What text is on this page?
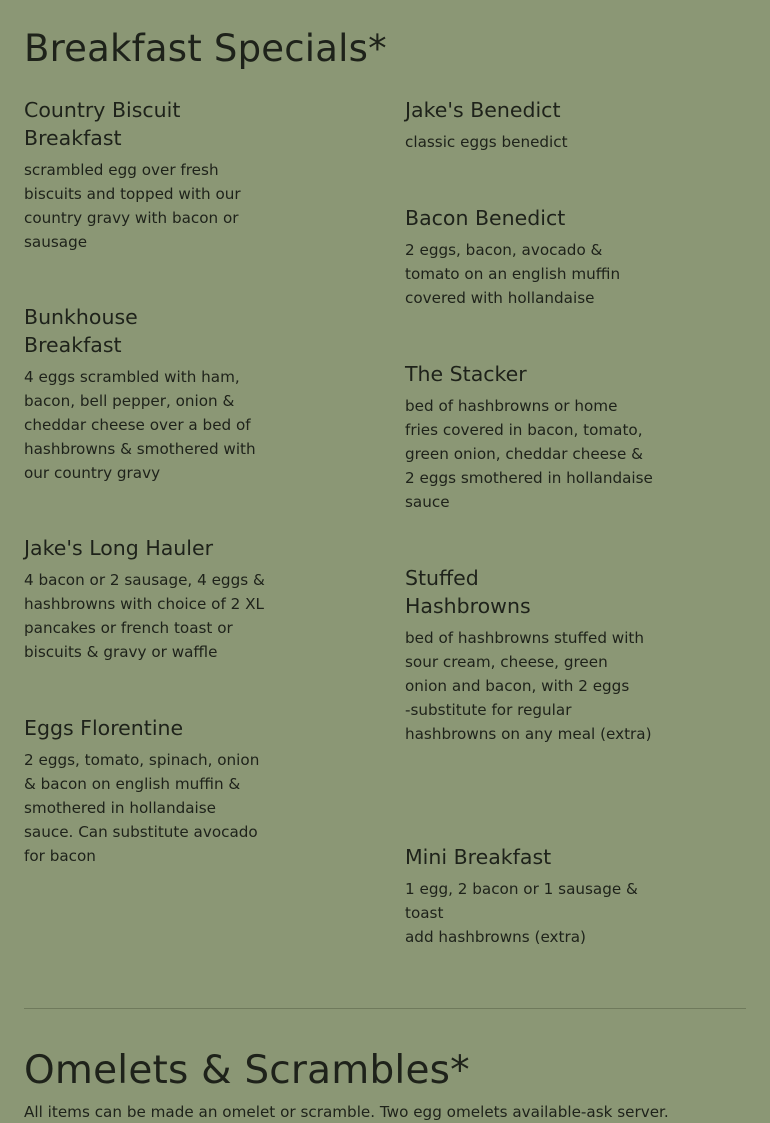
Breakfast Specials*
Country Biscuit Breakfast

scrambled egg over fresh biscuits and topped with our country gravy with bacon or sausage

Bunkhouse Breakfast

4 eggs scrambled with ham, bacon, bell pepper, onion & cheddar cheese over a bed of hashbrowns & smothered with our country gravy

Jake's Long Hauler

4 bacon or 2 sausage, 4 eggs & hashbrowns with choice of 2 XL pancakes or french toast or biscuits & gravy or waffle

Eggs Florentine

2 eggs, tomato, spinach, onion & bacon on english muffin & smothered in hollandaise sauce. Can substitute avocado for bacon

Jake's Benedict

classic eggs benedict

Bacon Benedict

2 eggs, bacon, avocado & tomato on an english muffin covered with hollandaise

The Stacker

bed of hashbrowns or home fries covered in bacon, tomato, green onion, cheddar cheese & 2 eggs smothered in hollandaise sauce

Stuffed Hashbrowns

bed of hashbrowns stuffed with sour cream, cheese, green onion and bacon, with 2 eggs
-substitute for regular hashbrowns on any meal (extra)

Mini Breakfast

1 egg, 2 bacon or 1 sausage & toast
add hashbrowns (extra)

Omelets & Scrambles*
All items can be made an omelet or scramble. Two egg omelets available-ask server.
